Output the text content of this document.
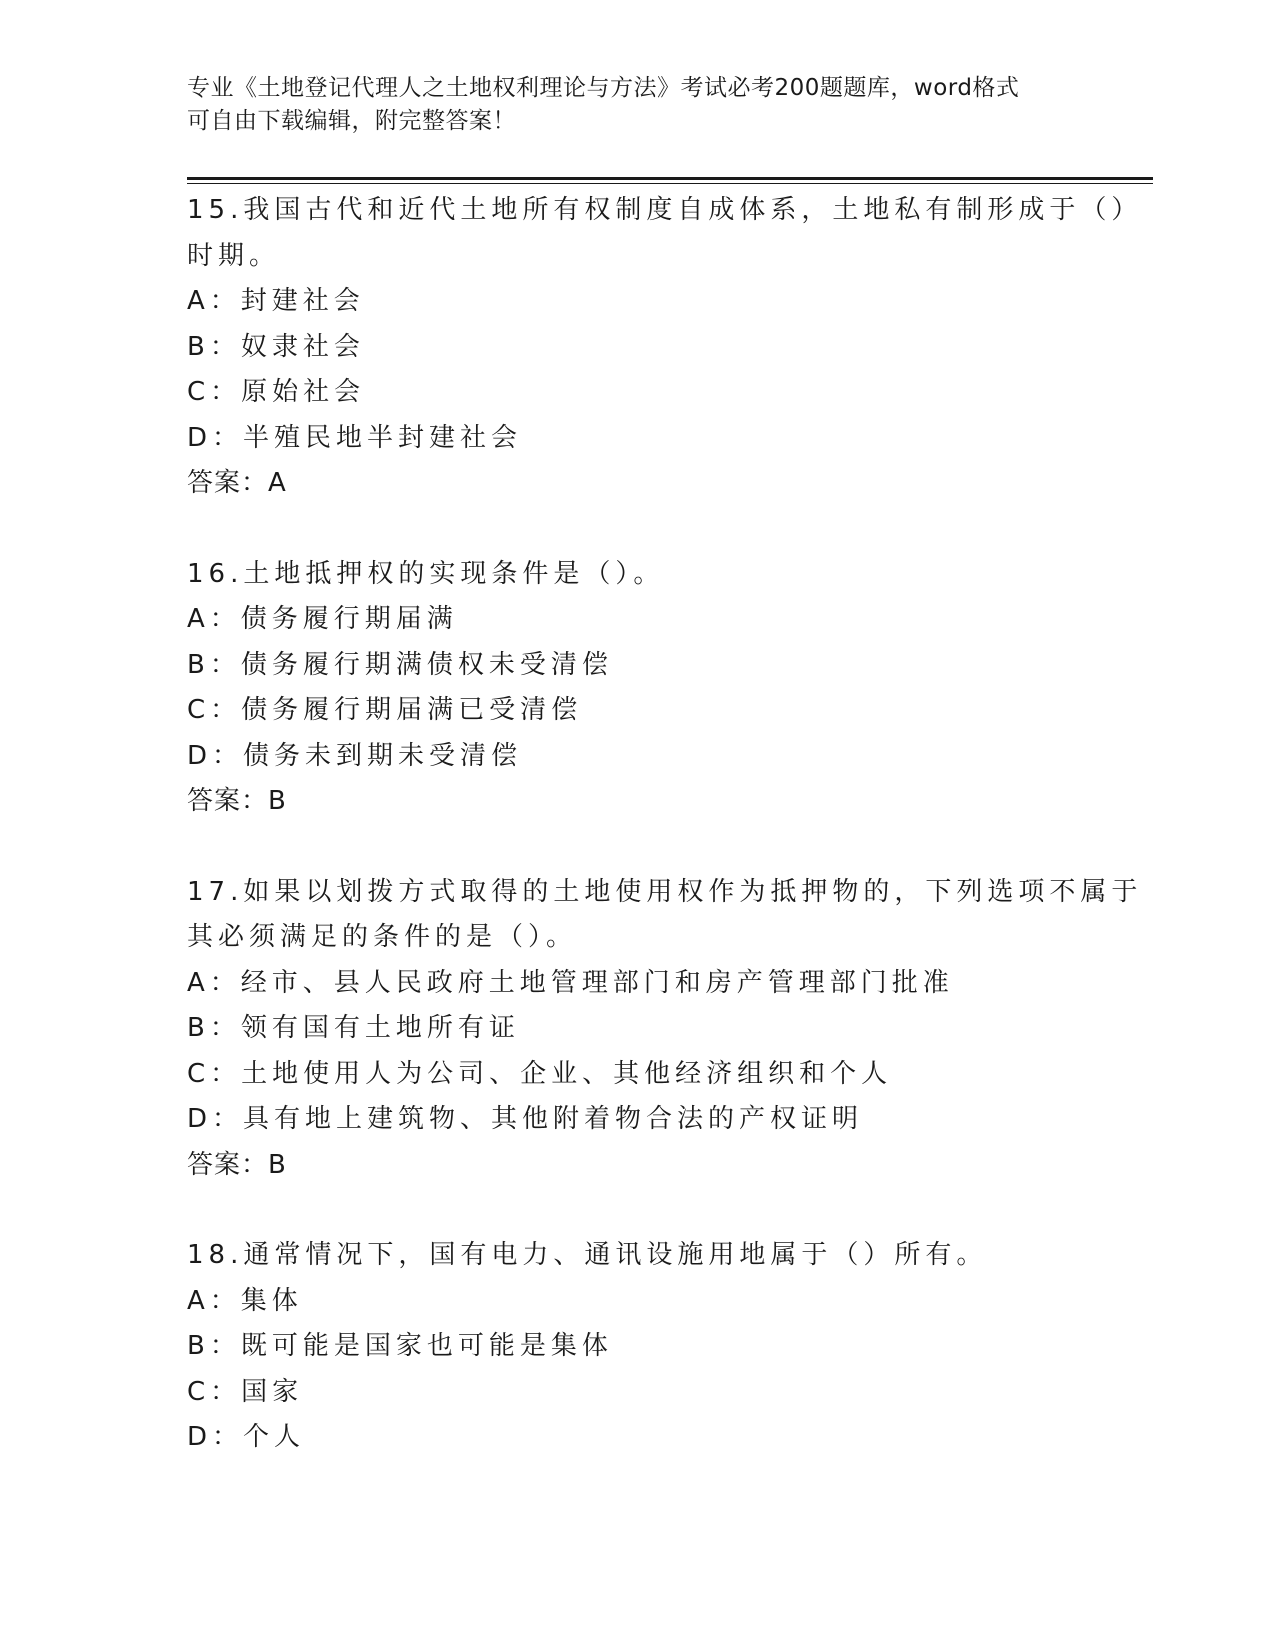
专业《土地登记代理人之土地权利理论与方法》考试必考200题题库，word格式
可自由下载编辑，附完整答案！
15.我国古代和近代土地所有权制度自成体系，土地私有制形成于（）
时期。
A：封建社会
B：奴隶社会
C：原始社会
D：半殖民地半封建社会
答案：A
16.土地抵押权的实现条件是（）。
A：债务履行期届满
B：债务履行期满债权未受清偿
C：债务履行期届满已受清偿
D：债务未到期未受清偿
答案：B
17.如果以划拨方式取得的土地使用权作为抵押物的，下列选项不属于
其必须满足的条件的是（）。
A：经市、县人民政府土地管理部门和房产管理部门批准
B：领有国有土地所有证
C：土地使用人为公司、企业、其他经济组织和个人
D：具有地上建筑物、其他附着物合法的产权证明
答案：B
18.通常情况下，国有电力、通讯设施用地属于（）所有。
A：集体
B：既可能是国家也可能是集体
C：国家
D：个人
